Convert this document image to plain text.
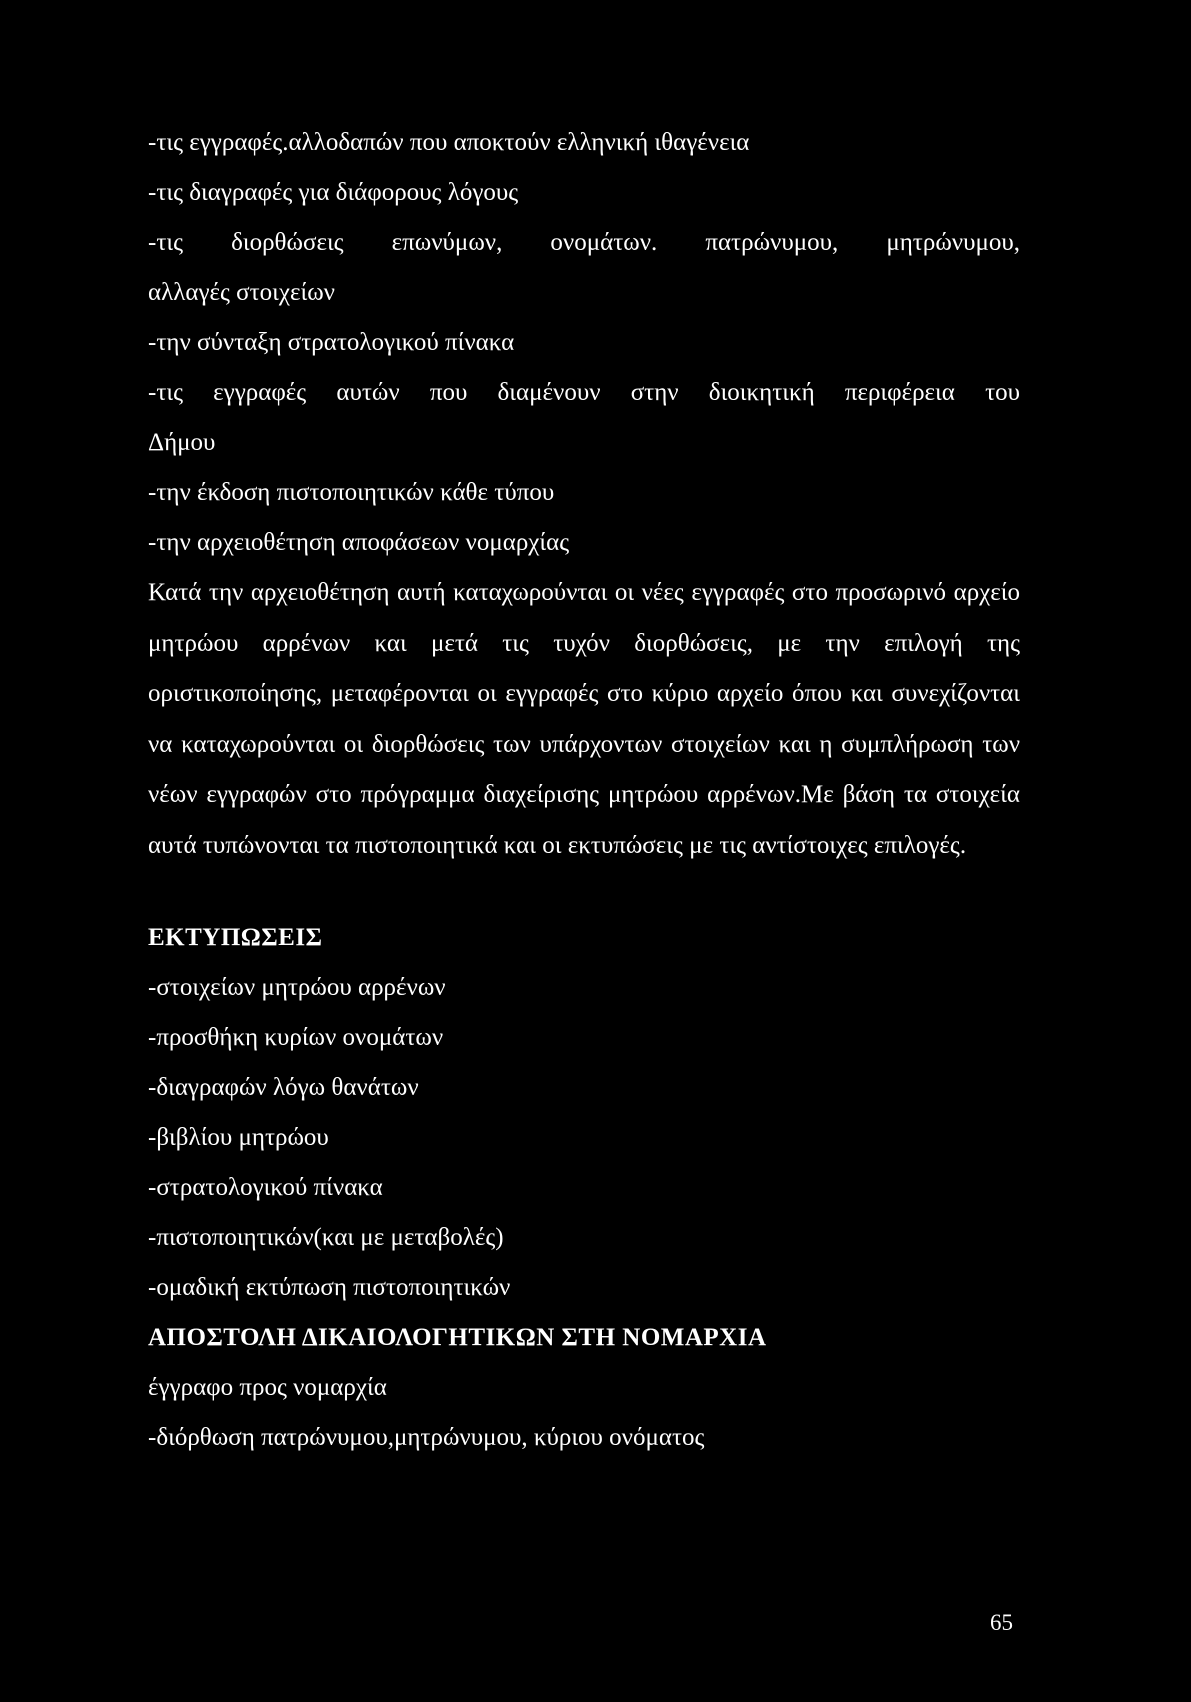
-τις εγγραφές.αλλοδαπών που αποκτούν ελληνική ιθαγένεια
-τις διαγραφές για διάφορους λόγους
-τις διορθώσεις επωνύμων, ονομάτων. πατρώνυμου, μητρώνυμου,
αλλαγές στοιχείων
-την σύνταξη στρατολογικού πίνακα
-τις εγγραφές αυτών που διαμένουν στην διοικητική περιφέρεια του
Δήμου
-την έκδοση πιστοποιητικών κάθε τύπου
-την αρχειοθέτηση αποφάσεων νομαρχίας

Κατά την αρχειοθέτηση αυτή καταχωρούνται οι νέες εγγραφές στο προσωρινό αρχείο μητρώου αρρένων και μετά τις τυχόν διορθώσεις, με την επιλογή της οριστικοποίησης, μεταφέρονται οι εγγραφές στο κύριο αρχείο όπου και συνεχίζονται να καταχωρούνται οι διορθώσεις των υπάρχοντων στοιχείων και η συμπλήρωση των νέων εγγραφών στο πρόγραμμα διαχείρισης μητρώου αρρένων.Με βάση τα στοιχεία αυτά τυπώνονται τα πιστοποιητικά και οι εκτυπώσεις με τις αντίστοιχες επιλογές.

ΕΚΤΥΠΩΣΕΙΣ
-στοιχείων μητρώου αρρένων
-προσθήκη κυρίων ονομάτων
-διαγραφών λόγω θανάτων
-βιβλίου μητρώου
-στρατολογικού πίνακα
-πιστοποιητικών(και με μεταβολές)
-ομαδική εκτύπωση πιστοποιητικών
ΑΠΟΣΤΟΛΗ ΔΙΚΑΙΟΛΟΓΗΤΙΚΩΝ ΣΤΗ ΝΟΜΑΡΧΙΑ
έγγραφο προς νομαρχία
-διόρθωση πατρώνυμου,μητρώνυμου, κύριου ονόματος
65
